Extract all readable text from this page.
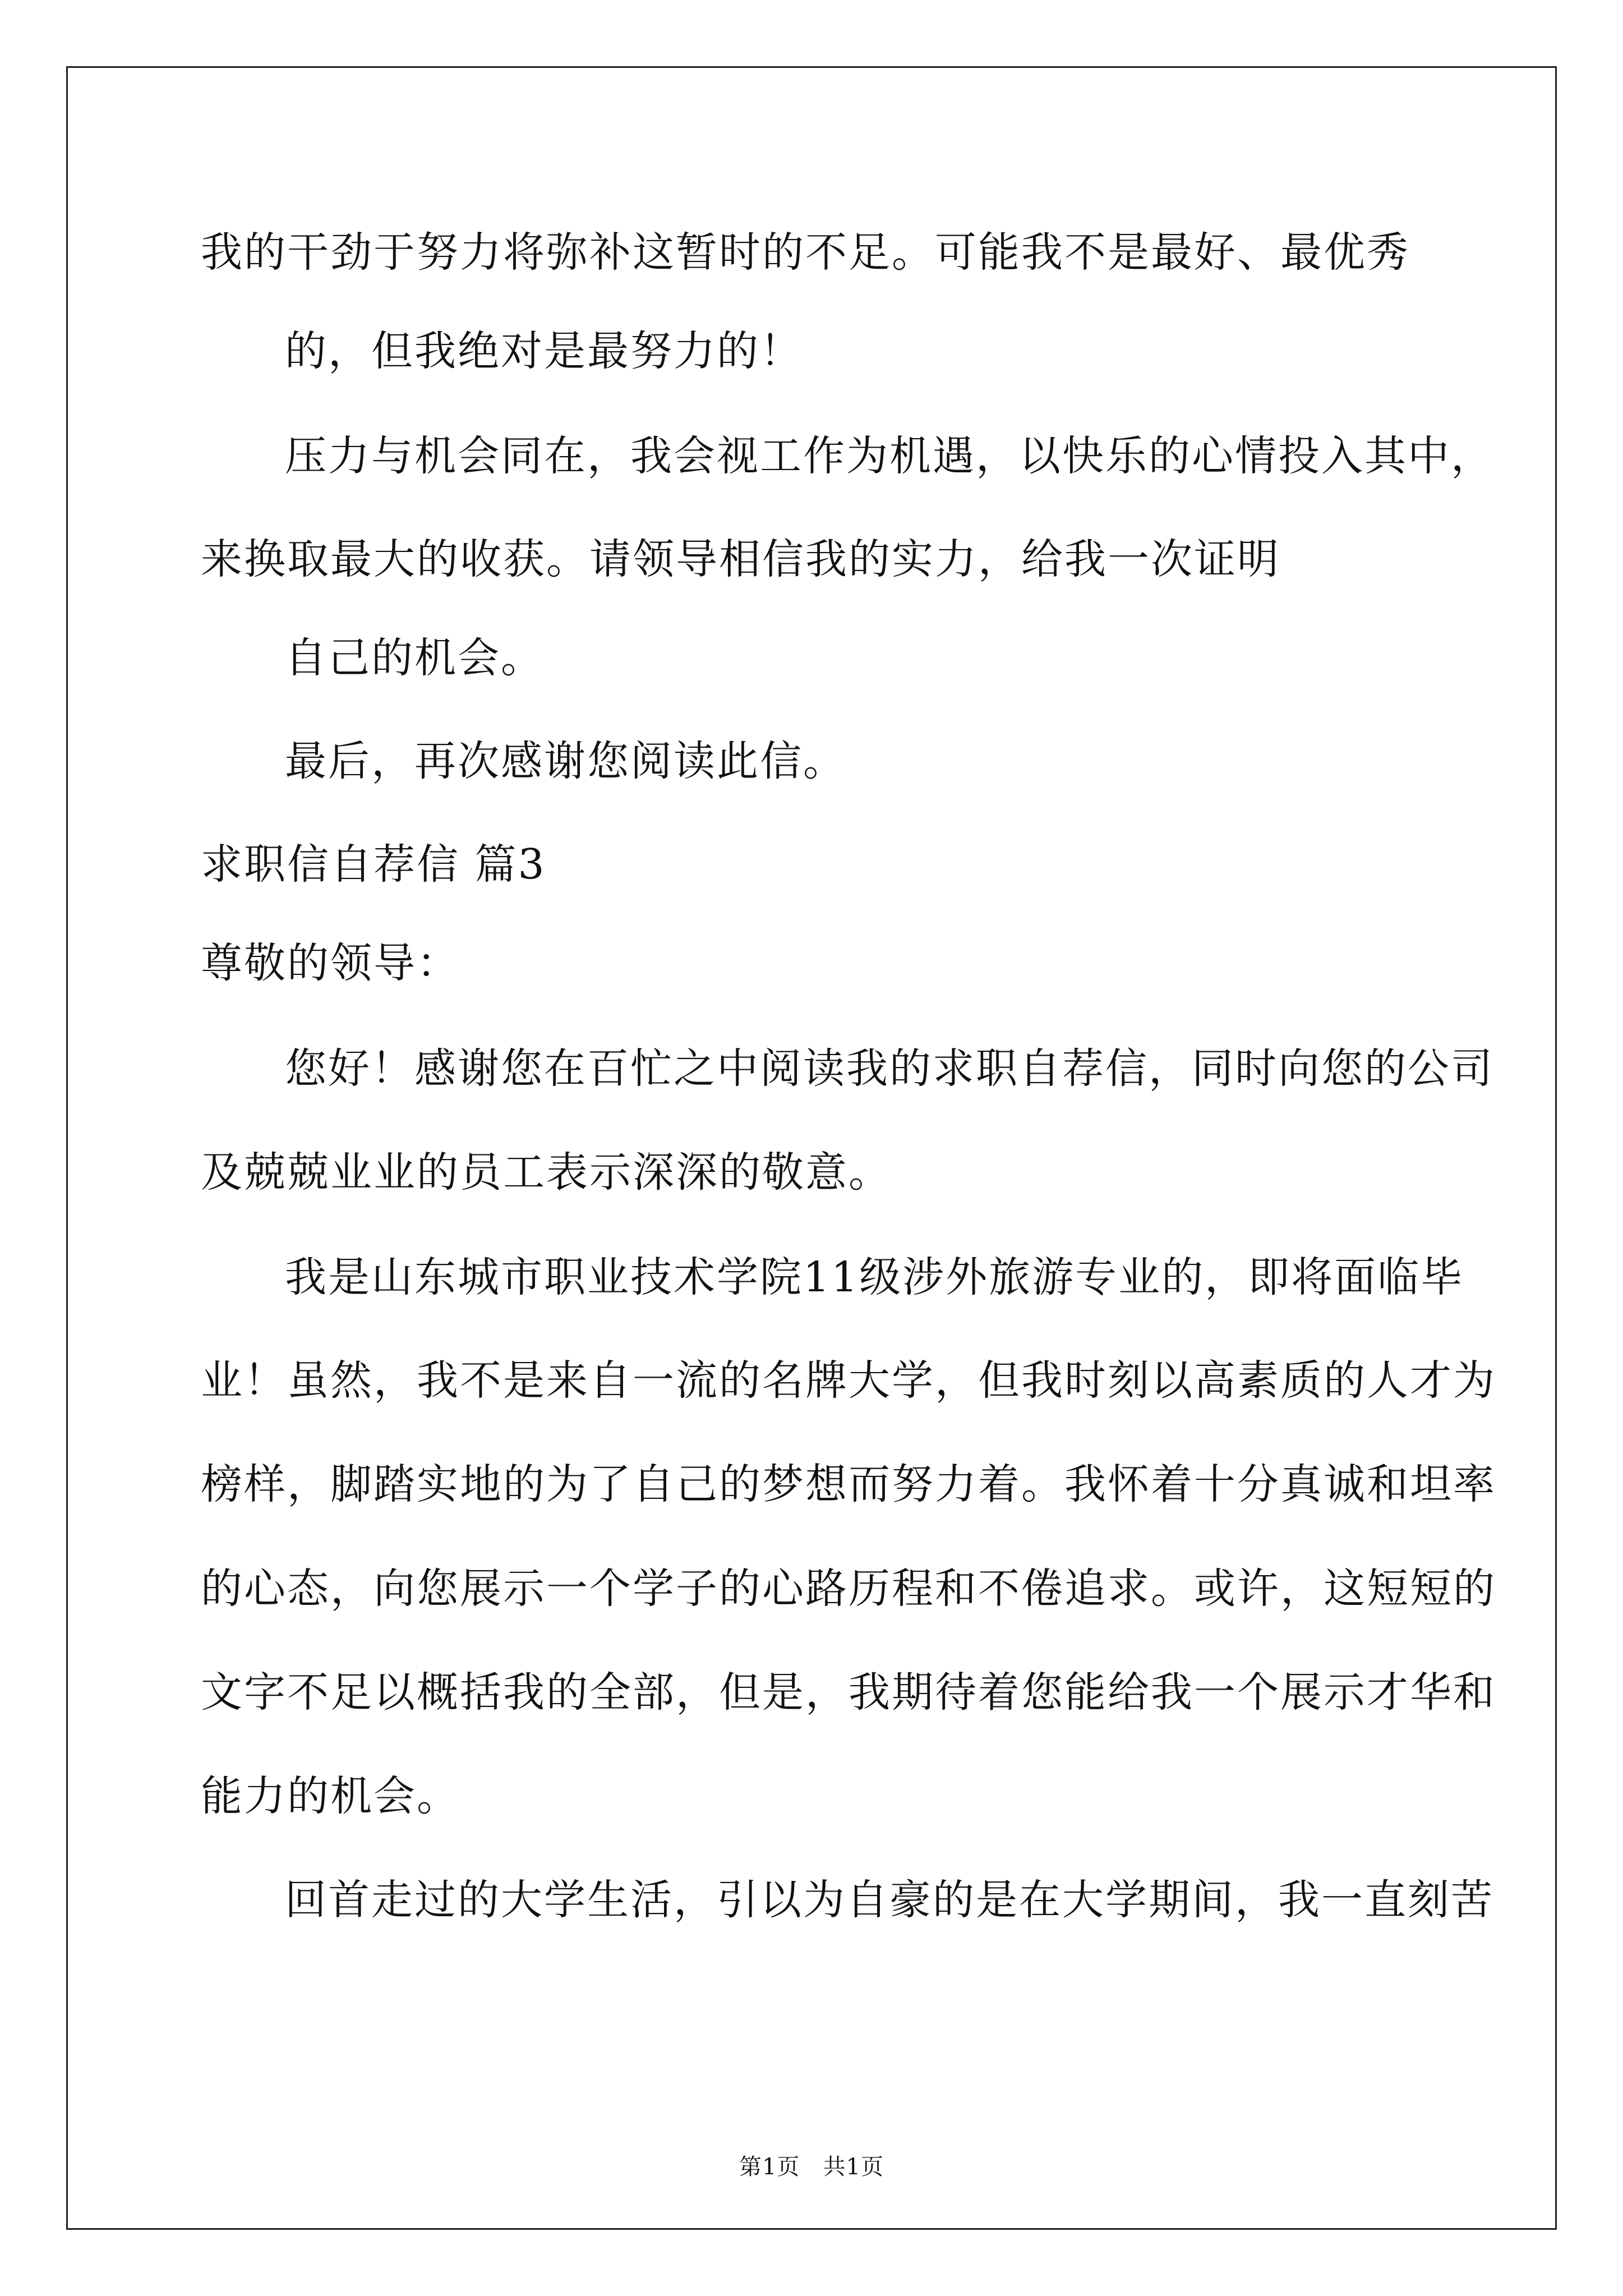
我的干劲于努力将弥补这暂时的不足。可能我不是最好、最优秀
的，但我绝对是最努力的！
压力与机会同在，我会视工作为机遇，以快乐的心情投入其中，
来换取最大的收获。请领导相信我的实力，给我一次证明
自己的机会。
最后，再次感谢您阅读此信。
求职信自荐信 篇3
尊敬的领导：
您好！感谢您在百忙之中阅读我的求职自荐信，同时向您的公司
及兢兢业业的员工表示深深的敬意。
我是山东城市职业技术学院11级涉外旅游专业的，即将面临毕
业！虽然，我不是来自一流的名牌大学，但我时刻以高素质的人才为
榜样，脚踏实地的为了自己的梦想而努力着。我怀着十分真诚和坦率
的心态，向您展示一个学子的心路历程和不倦追求。或许，这短短的
文字不足以概括我的全部，但是，我期待着您能给我一个展示才华和
能力的机会。
回首走过的大学生活，引以为自豪的是在大学期间，我一直刻苦
第1页   共1页
